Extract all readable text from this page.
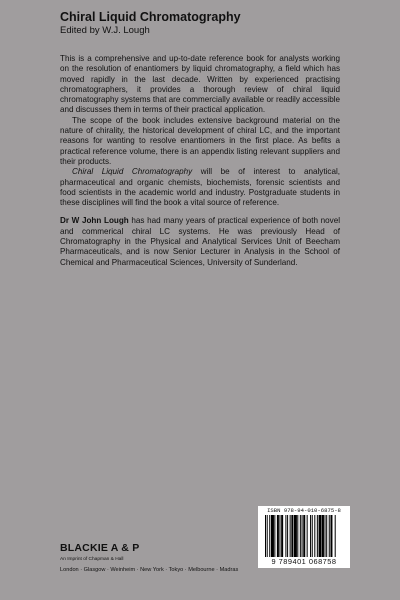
Chiral Liquid Chromatography

Edited by W.J. Lough

This is a comprehensive and up-to-date reference book for analysts working on the resolution of enantiomers by liquid chromatography, a field which has moved rapidly in the last decade. Written by experienced practising chromatographers, it provides a thorough review of chiral liquid chromatography systems that are commercially available or readily accessible and discusses them in terms of their practical application.

The scope of the book includes extensive background material on the nature of chirality, the historical development of chiral LC, and the important reasons for wanting to resolve enantiomers in the first place. As befits a practical reference volume, there is an appendix listing relevant suppliers and their products.

Chiral Liquid Chromatography will be of interest to analytical, pharmaceutical and organic chemists, biochemists, forensic scientists and food scientists in the academic world and industry. Postgraduate students in these disciplines will find the book a vital source of reference.

Dr W John Lough has had many years of practical experience of both novel and commerical chiral LC systems. He was previously Head of Chromatography in the Physical and Analytical Services Unit of Beecham Pharmaceuticals, and is now Senior Lecturer in Analysis in the School of Chemical and Pharmaceutical Sciences, University of Sunderland.

ISBN 978-94-010-6875-8
9 789401 068758

BLACKIE A & P

An Imprint of Chapman & Hall

London · Glasgow · Weinheim · New York · Tokyo · Melbourne · Madras
